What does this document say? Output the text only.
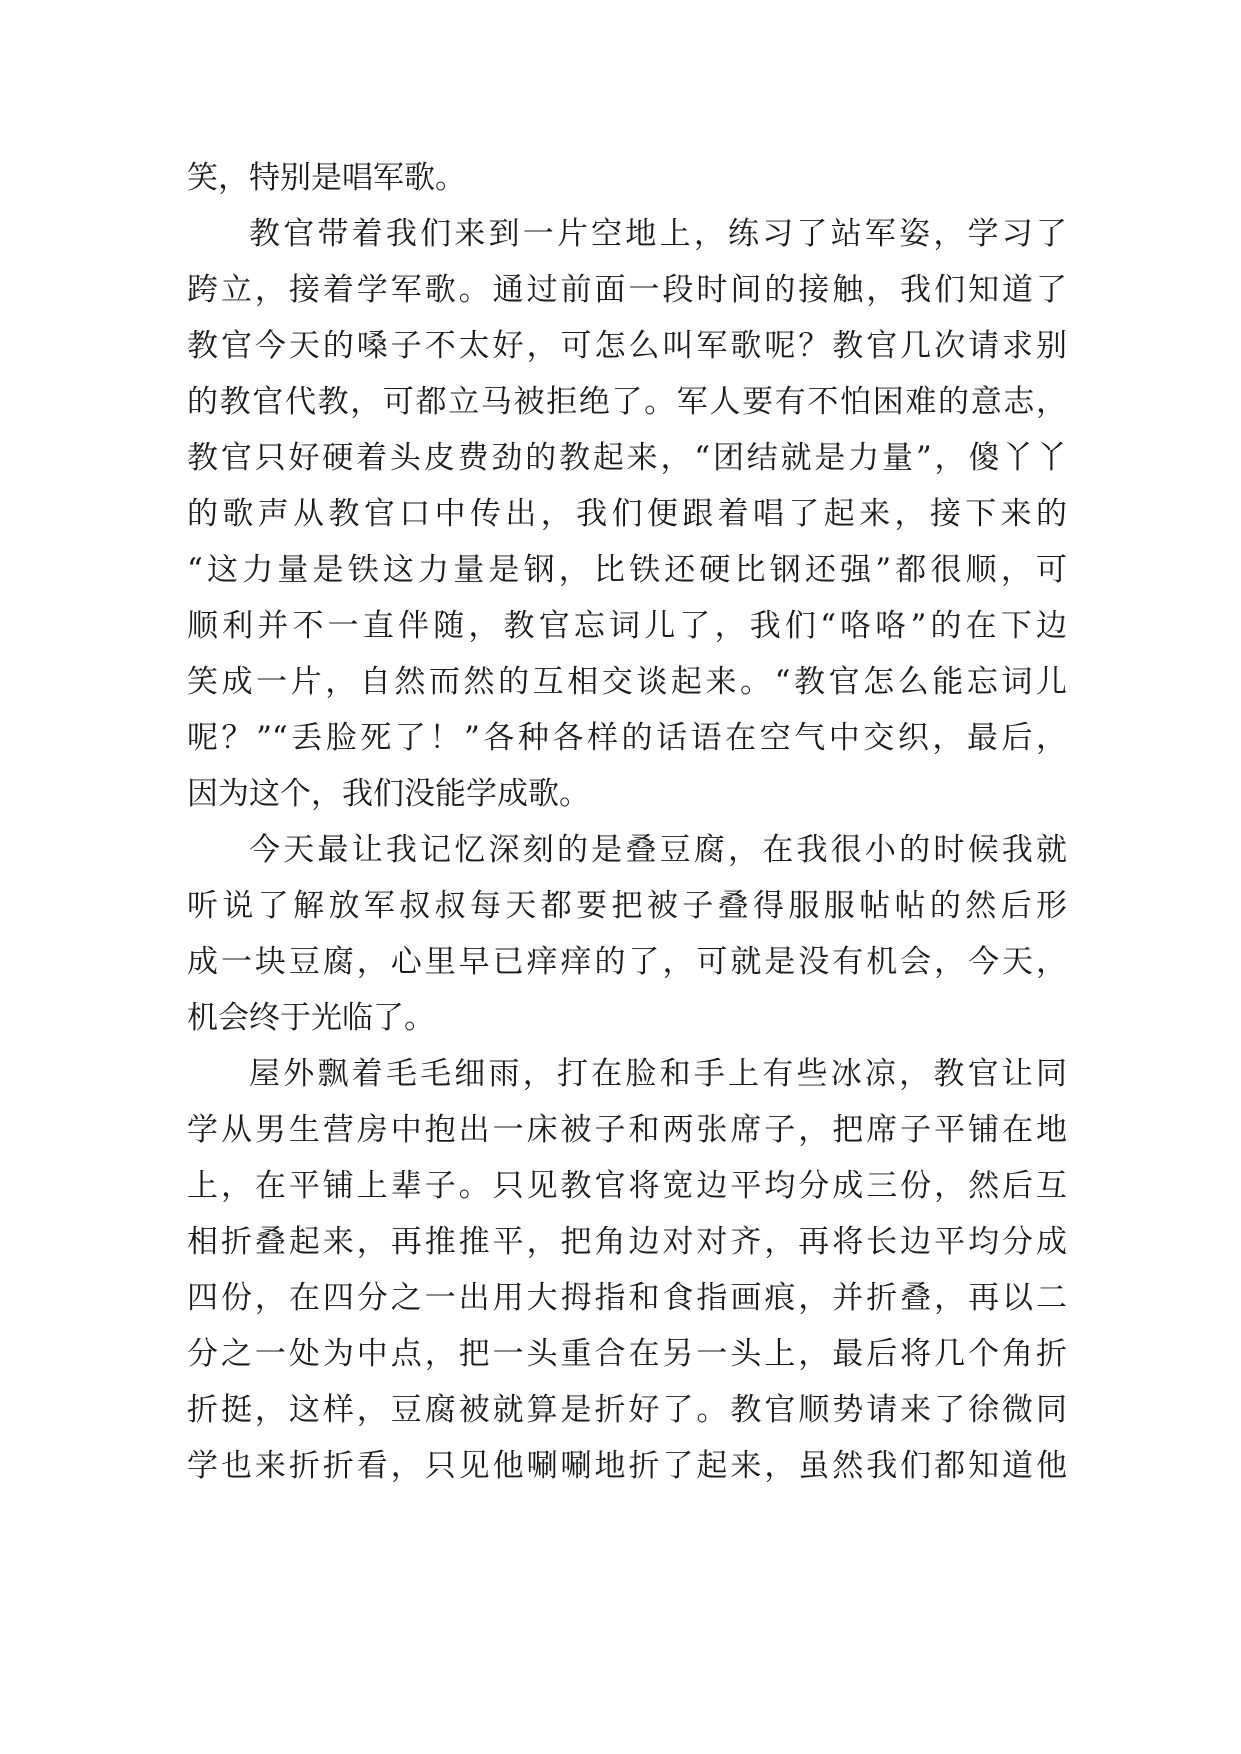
笑，特别是唱军歌。
教官带着我们来到一片空地上，练习了站军姿，学习了
跨立，接着学军歌。通过前面一段时间的接触，我们知道了
教官今天的嗓子不太好，可怎么叫军歌呢？教官几次请求别
的教官代教，可都立马被拒绝了。军人要有不怕困难的意志，
教官只好硬着头皮费劲的教起来，“团结就是力量”，傻丫丫
的歌声从教官口中传出，我们便跟着唱了起来，接下来的
“这力量是铁这力量是钢，比铁还硬比钢还强”都很顺，可
顺利并不一直伴随，教官忘词儿了，我们“咯咯”的在下边
笑成一片，自然而然的互相交谈起来。“教官怎么能忘词儿
呢？”“丢脸死了！”各种各样的话语在空气中交织，最后，
因为这个，我们没能学成歌。
今天最让我记忆深刻的是叠豆腐，在我很小的时候我就
听说了解放军叔叔每天都要把被子叠得服服帖帖的然后形
成一块豆腐，心里早已痒痒的了，可就是没有机会，今天，
机会终于光临了。
屋外飘着毛毛细雨，打在脸和手上有些冰凉，教官让同
学从男生营房中抱出一床被子和两张席子，把席子平铺在地
上，在平铺上辈子。只见教官将宽边平均分成三份，然后互
相折叠起来，再推推平，把角边对对齐，再将长边平均分成
四份，在四分之一出用大拇指和食指画痕，并折叠，再以二
分之一处为中点，把一头重合在另一头上，最后将几个角折
折挺，这样，豆腐被就算是折好了。教官顺势请来了徐微同
学也来折折看，只见他唰唰地折了起来，虽然我们都知道他
